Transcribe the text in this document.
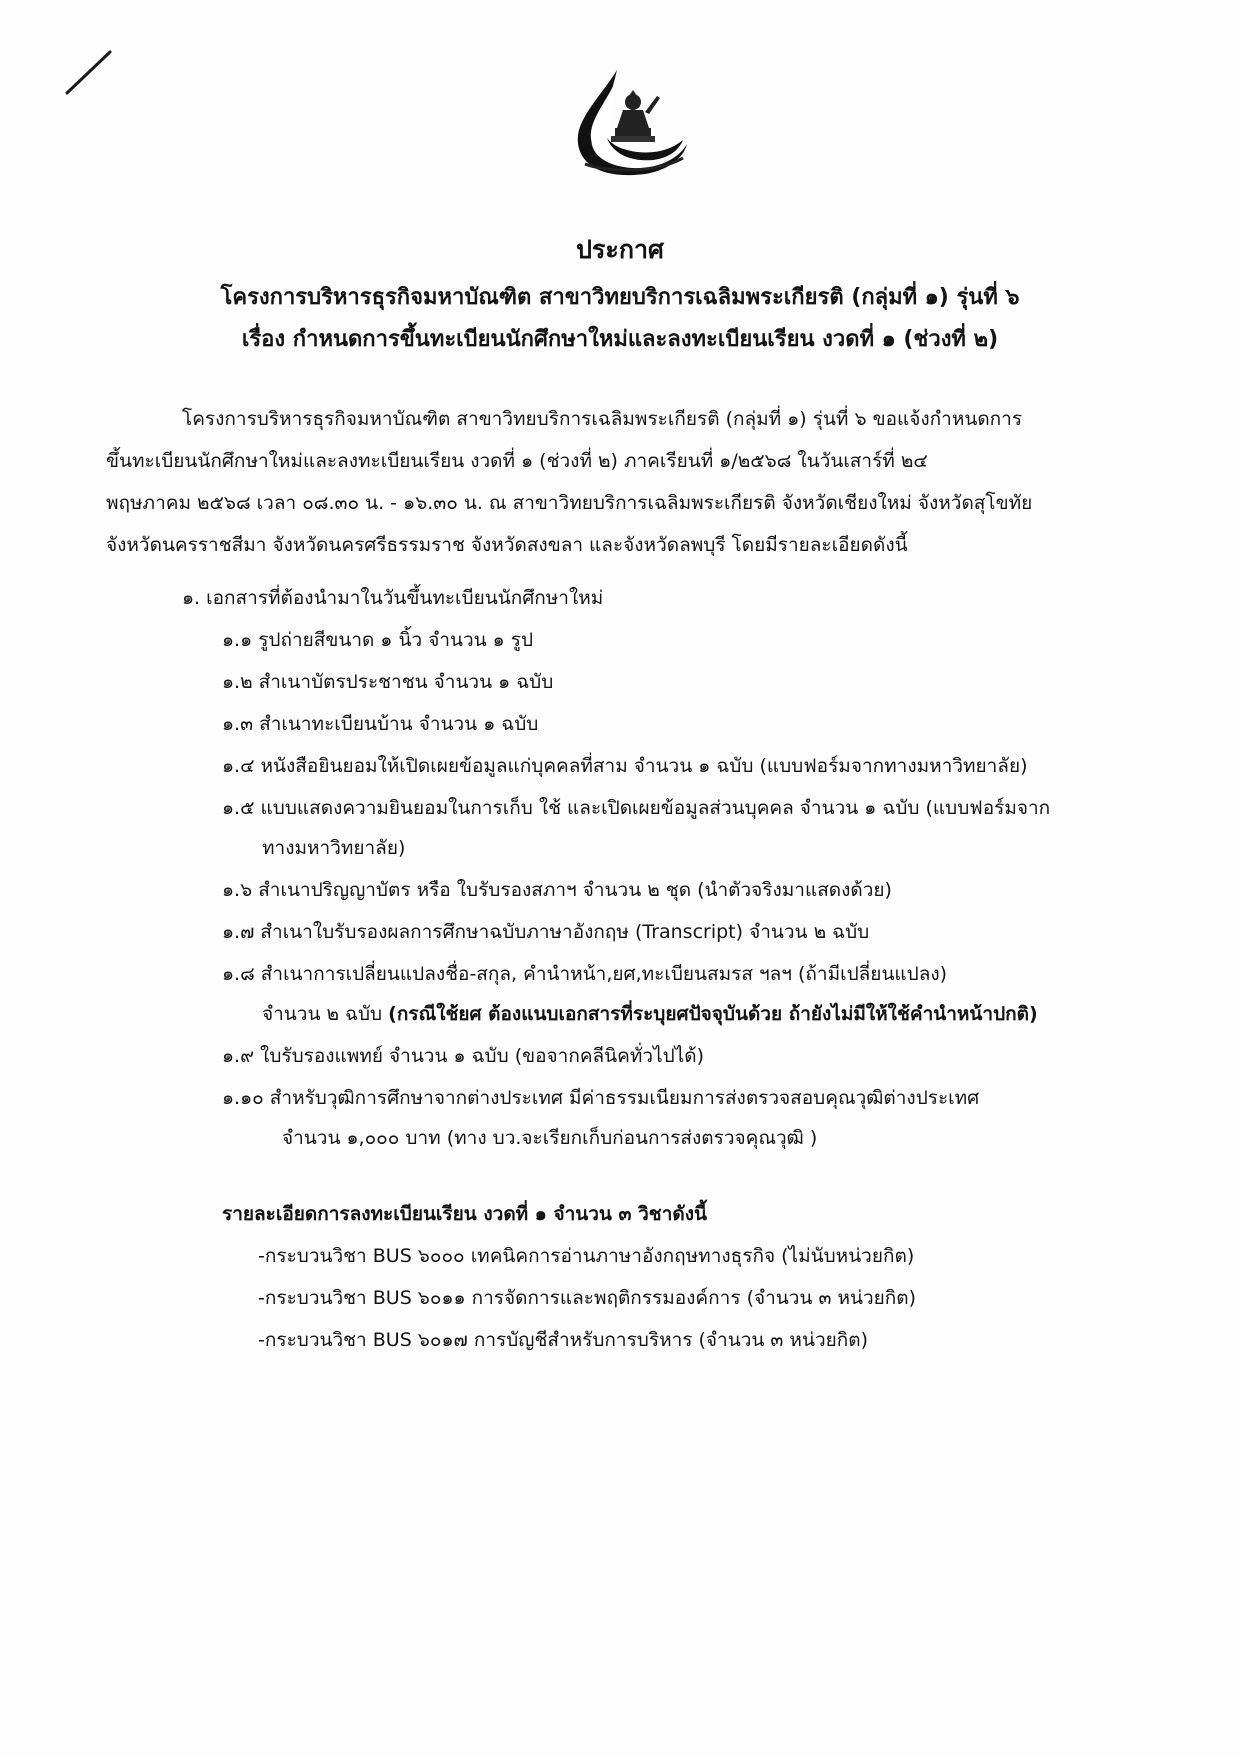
ประกาศ
โครงการบริหารธุรกิจมหาบัณฑิต สาขาวิทยบริการเฉลิมพระเกียรติ (กลุ่มที่ ๑) รุ่นที่ ๖
เรื่อง กำหนดการขึ้นทะเบียนนักศึกษาใหม่และลงทะเบียนเรียน งวดที่ ๑ (ช่วงที่ ๒)
โครงการบริหารธุรกิจมหาบัณฑิต สาขาวิทยบริการเฉลิมพระเกียรติ (กลุ่มที่ ๑) รุ่นที่ ๖ ขอแจ้งกำหนดการ
ขึ้นทะเบียนนักศึกษาใหม่และลงทะเบียนเรียน งวดที่ ๑ (ช่วงที่ ๒) ภาคเรียนที่ ๑/๒๕๖๘ ในวันเสาร์ที่ ๒๔
พฤษภาคม ๒๕๖๘ เวลา ๐๘.๓๐ น. - ๑๖.๓๐ น. ณ สาขาวิทยบริการเฉลิมพระเกียรติ จังหวัดเชียงใหม่ จังหวัดสุโขทัย
จังหวัดนครราชสีมา จังหวัดนครศรีธรรมราช จังหวัดสงขลา และจังหวัดลพบุรี โดยมีรายละเอียดดังนี้
๑. เอกสารที่ต้องนำมาในวันขึ้นทะเบียนนักศึกษาใหม่
๑.๑ รูปถ่ายสีขนาด ๑ นิ้ว จำนวน ๑ รูป
๑.๒ สำเนาบัตรประชาชน จำนวน ๑ ฉบับ
๑.๓ สำเนาทะเบียนบ้าน จำนวน ๑ ฉบับ
๑.๔ หนังสือยินยอมให้เปิดเผยข้อมูลแก่บุคคลที่สาม จำนวน ๑ ฉบับ (แบบฟอร์มจากทางมหาวิทยาลัย)
๑.๕ แบบแสดงความยินยอมในการเก็บ ใช้ และเปิดเผยข้อมูลส่วนบุคคล จำนวน ๑ ฉบับ (แบบฟอร์มจาก
ทางมหาวิทยาลัย)
๑.๖ สำเนาปริญญาบัตร หรือ ใบรับรองสภาฯ จำนวน ๒ ชุด (นำตัวจริงมาแสดงด้วย)
๑.๗ สำเนาใบรับรองผลการศึกษาฉบับภาษาอังกฤษ (Transcript) จำนวน ๒ ฉบับ
๑.๘ สำเนาการเปลี่ยนแปลงชื่อ-สกุล, คำนำหน้า,ยศ,ทะเบียนสมรส ฯลฯ (ถ้ามีเปลี่ยนแปลง)
จำนวน ๒ ฉบับ (กรณีใช้ยศ ต้องแนบเอกสารที่ระบุยศปัจจุบันด้วย ถ้ายังไม่มีให้ใช้คำนำหน้าปกติ)
๑.๙ ใบรับรองแพทย์ จำนวน ๑ ฉบับ (ขอจากคลีนิคทั่วไปได้)
๑.๑๐ สำหรับวุฒิการศึกษาจากต่างประเทศ มีค่าธรรมเนียมการส่งตรวจสอบคุณวุฒิต่างประเทศ
จำนวน ๑,๐๐๐ บาท (ทาง บว.จะเรียกเก็บก่อนการส่งตรวจคุณวุฒิ )
รายละเอียดการลงทะเบียนเรียน งวดที่ ๑ จำนวน ๓ วิชาดังนี้
-กระบวนวิชา BUS ๖๐๐๐ เทคนิคการอ่านภาษาอังกฤษทางธุรกิจ (ไม่นับหน่วยกิต)
-กระบวนวิชา BUS ๖๐๑๑ การจัดการและพฤติกรรมองค์การ (จำนวน ๓ หน่วยกิต)
-กระบวนวิชา BUS ๖๐๑๗ การบัญชีสำหรับการบริหาร (จำนวน ๓ หน่วยกิต)
